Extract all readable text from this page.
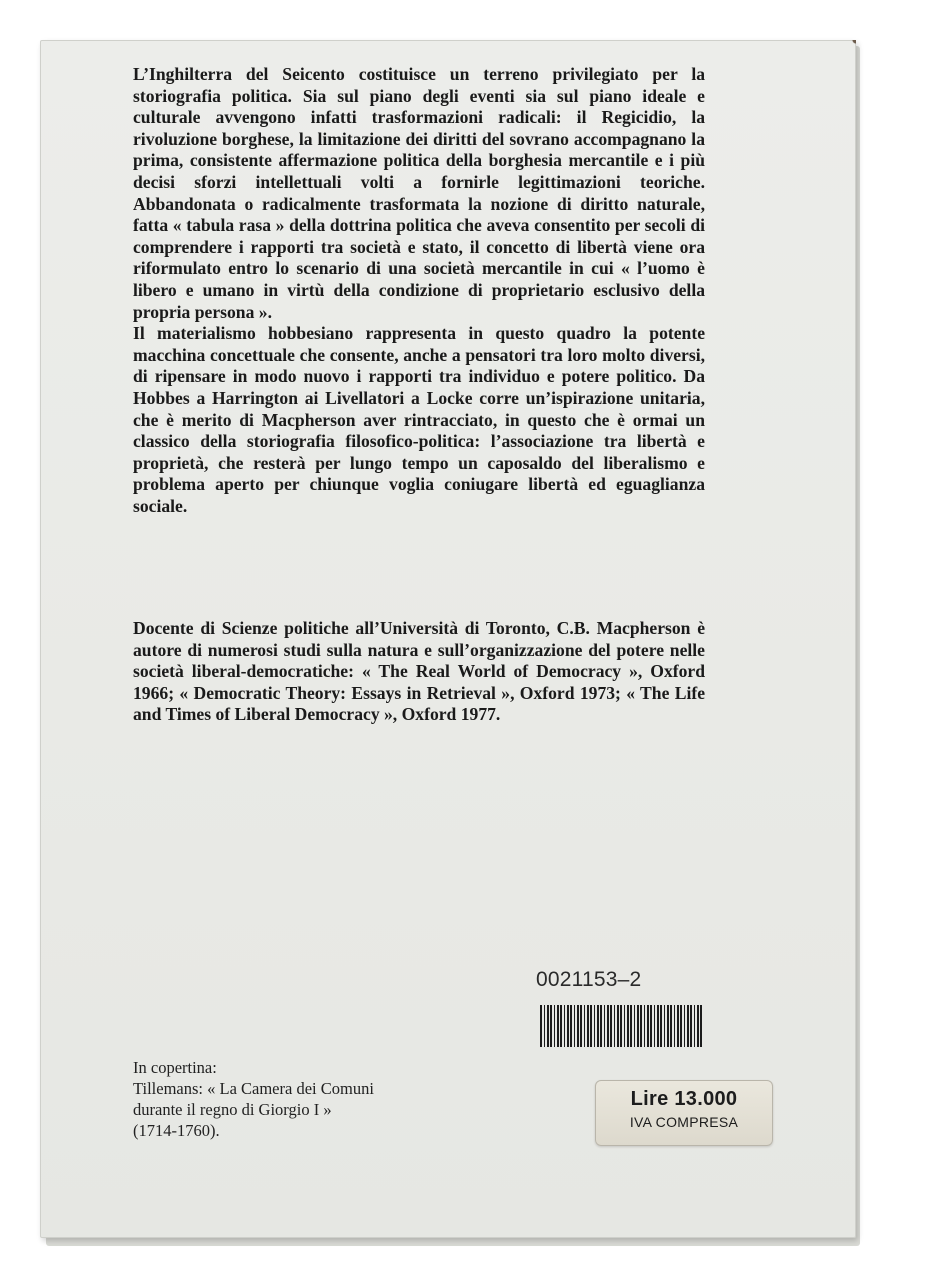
L’Inghilterra del Seicento costituisce un terreno privilegiato per la storiografia politica. Sia sul piano degli eventi sia sul piano ideale e culturale avvengono infatti trasformazioni radicali: il Regicidio, la rivoluzione borghese, la limitazione dei diritti del sovrano accompagnano la prima, consistente affermazione politica della borghesia mercantile e i più decisi sforzi intellettuali volti a fornirle legittimazioni teoriche. Abbandonata o radicalmente trasformata la nozione di diritto naturale, fatta « tabula rasa » della dottrina politica che aveva consentito per secoli di comprendere i rapporti tra società e stato, il concetto di libertà viene ora riformulato entro lo scenario di una società mercantile in cui « l’uomo è libero e umano in virtù della condizione di proprietario esclusivo della propria persona ».

Il materialismo hobbesiano rappresenta in questo quadro la potente macchina concettuale che consente, anche a pensatori tra loro molto diversi, di ripensare in modo nuovo i rapporti tra individuo e potere politico. Da Hobbes a Harrington ai Livellatori a Locke corre un’ispirazione unitaria, che è merito di Macpherson aver rintracciato, in questo che è ormai un classico della storiografia filosofico-politica: l’associazione tra libertà e proprietà, che resterà per lungo tempo un caposaldo del liberalismo e problema aperto per chiunque voglia coniugare libertà ed eguaglianza sociale.

Docente di Scienze politiche all’Università di Toronto, C.B. Macpherson è autore di numerosi studi sulla natura e sull’organizzazione del potere nelle società liberal-democratiche: « The Real World of Democracy », Oxford 1966; « Democratic Theory: Essays in Retrieval », Oxford 1973; « The Life and Times of Liberal Democracy », Oxford 1977.

0021153–2
In copertina:
Tillemans: « La Camera dei Comuni
durante il regno di Giorgio I »
(1714-1760).
Lire 13.000
IVA COMPRESA
